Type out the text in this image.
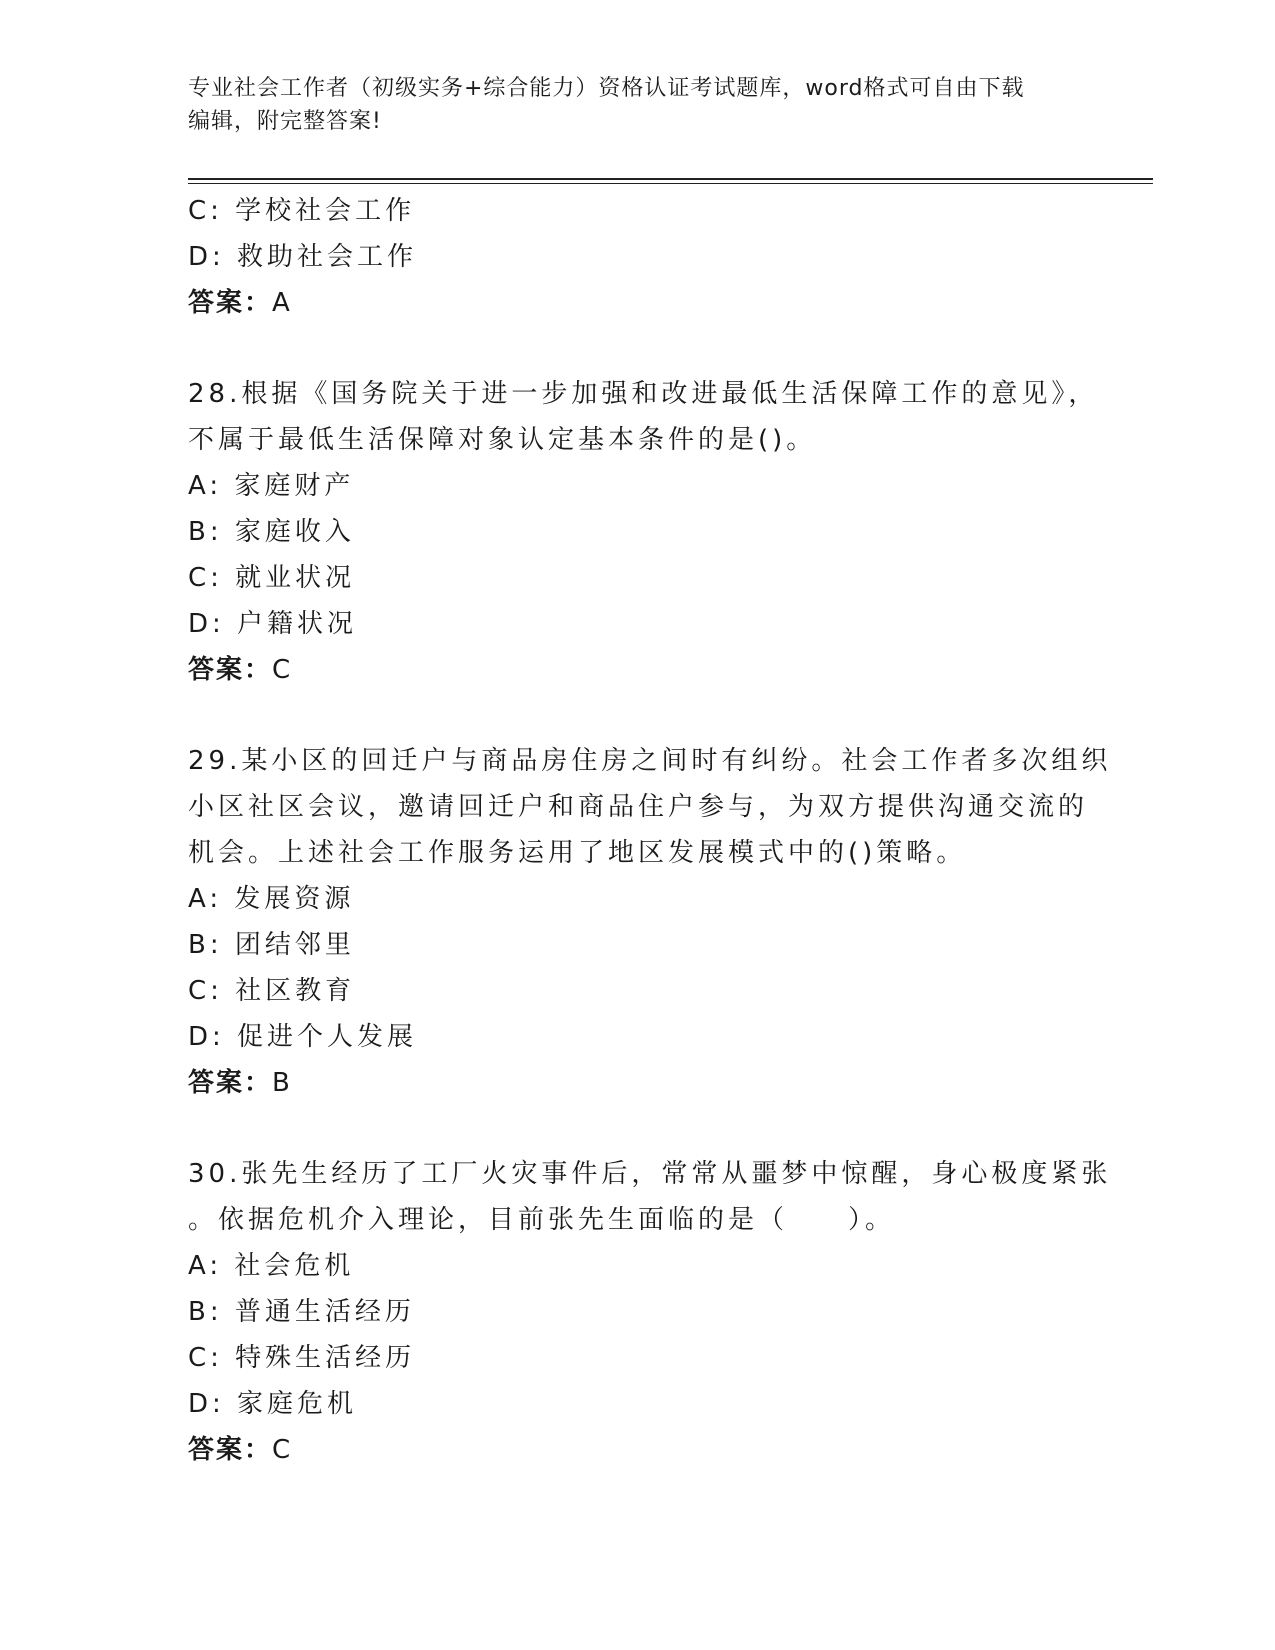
专业社会工作者（初级实务+综合能力）资格认证考试题库，word格式可自由下载
编辑，附完整答案!
C: 学校社会工作
D: 救助社会工作
答案：A
28.根据《国务院关于进一步加强和改进最低生活保障工作的意见》，
不属于最低生活保障对象认定基本条件的是()。
A: 家庭财产
B: 家庭收入
C: 就业状况
D: 户籍状况
答案：C
29.某小区的回迁户与商品房住房之间时有纠纷。社会工作者多次组织
小区社区会议，邀请回迁户和商品住户参与，为双方提供沟通交流的
机会。上述社会工作服务运用了地区发展模式中的()策略。
A: 发展资源
B: 团结邻里
C: 社区教育
D: 促进个人发展
答案：B
30.张先生经历了工厂火灾事件后，常常从噩梦中惊醒，身心极度紧张
。依据危机介入理论，目前张先生面临的是（　　）。
A: 社会危机
B: 普通生活经历
C: 特殊生活经历
D: 家庭危机
答案：C
